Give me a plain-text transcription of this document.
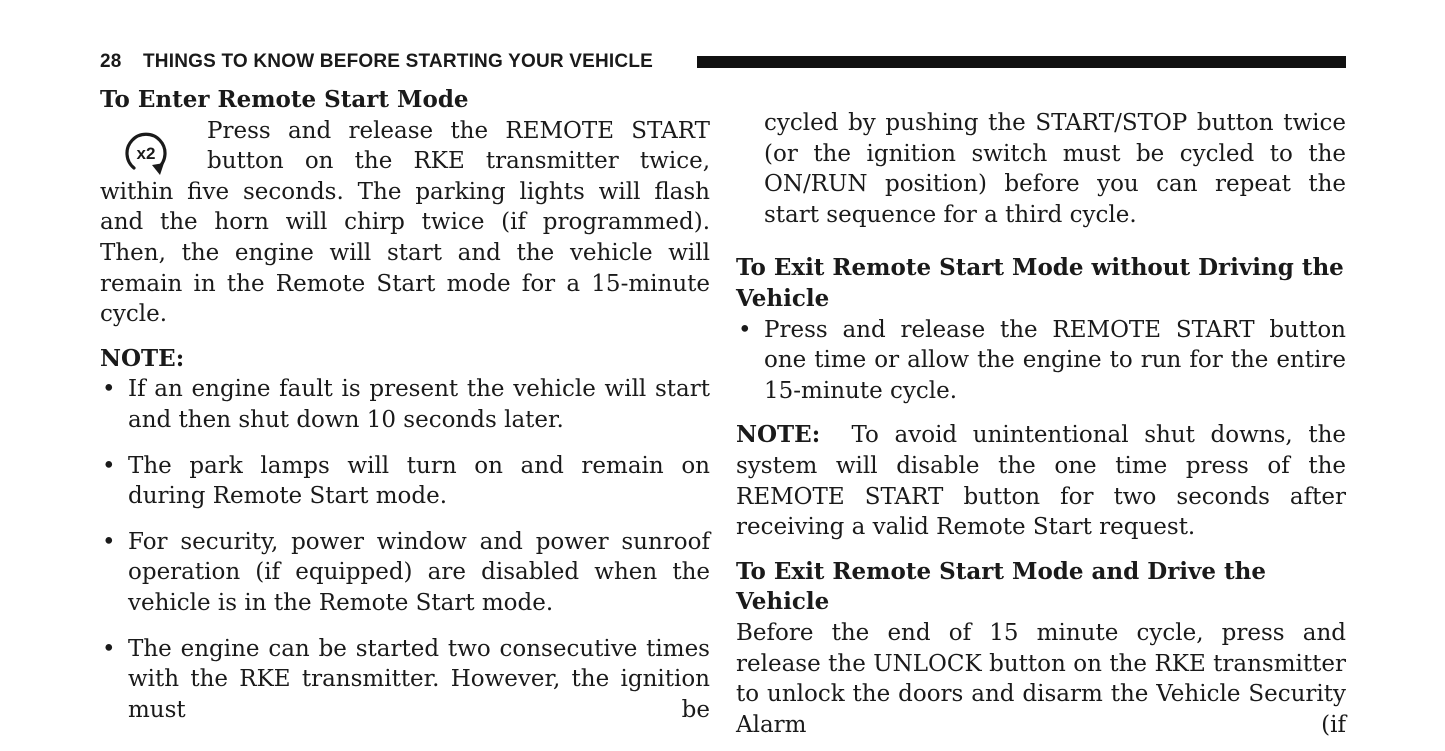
28 THINGS TO KNOW BEFORE STARTING YOUR VEHICLE

To Enter Remote Start Mode

x2

Press and release the REMOTE START button on the RKE transmitter twice, within five seconds. The parking lights will flash and the horn will chirp twice (if programmed). Then, the engine will start and the vehicle will remain in the Remote Start mode for a 15-minute cycle.

NOTE:

• If an engine fault is present the vehicle will start and then shut down 10 seconds later.
• The park lamps will turn on and remain on during Remote Start mode.
• For security, power window and power sunroof operation (if equipped) are disabled when the vehicle is in the Remote Start mode.
• The engine can be started two consecutive times with the RKE transmitter. However, the ignition must be

cycled by pushing the START/STOP button twice (or the ignition switch must be cycled to the ON/RUN position) before you can repeat the start sequence for a third cycle.

To Exit Remote Start Mode without Driving the Vehicle

• Press and release the REMOTE START button one time or allow the engine to run for the entire 15-minute cycle.

NOTE: To avoid unintentional shut downs, the system will disable the one time press of the REMOTE START button for two seconds after receiving a valid Remote Start request.

To Exit Remote Start Mode and Drive the Vehicle

Before the end of 15 minute cycle, press and release the UNLOCK button on the RKE transmitter to unlock the doors and disarm the Vehicle Security Alarm (if
